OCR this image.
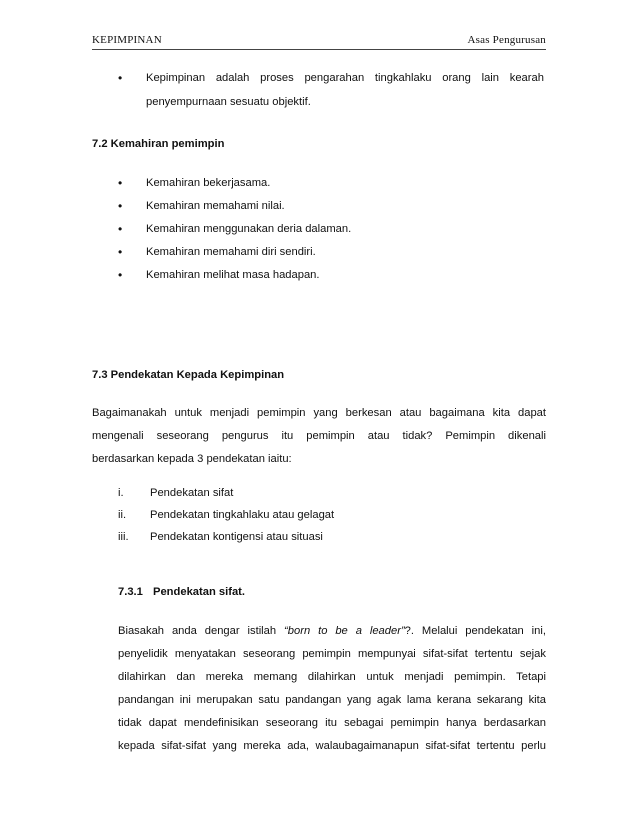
KEPIMPINAN	Asas Pengurusan
• Kepimpinan adalah proses pengarahan tingkahlaku orang lain kearah
penyempurnaan sesuatu objektif.
7.2 Kemahiran pemimpin
• Kemahiran bekerjasama.
• Kemahiran memahami nilai.
• Kemahiran menggunakan deria dalaman.
• Kemahiran memahami diri sendiri.
• Kemahiran melihat masa hadapan.
7.3 Pendekatan Kepada Kepimpinan
Bagaimanakah untuk menjadi pemimpin yang berkesan atau bagaimana kita dapat
mengenali seseorang pengurus itu pemimpin atau tidak? Pemimpin dikenali
berdasarkan kepada 3 pendekatan iaitu:
i. Pendekatan sifat
ii. Pendekatan tingkahlaku atau gelagat
iii. Pendekatan kontigensi atau situasi
7.3.1 Pendekatan sifat.
Biasakah anda dengar istilah “born to be a leader”?. Melalui pendekatan ini,
penyelidik menyatakan seseorang pemimpin mempunyai sifat-sifat tertentu sejak
dilahirkan dan mereka memang dilahirkan untuk menjadi pemimpin. Tetapi
pandangan ini merupakan satu pandangan yang agak lama kerana sekarang kita
tidak dapat mendefinisikan seseorang itu sebagai pemimpin hanya berdasarkan
kepada sifat-sifat yang mereka ada, walaubagaimanapun sifat-sifat tertentu perlu
